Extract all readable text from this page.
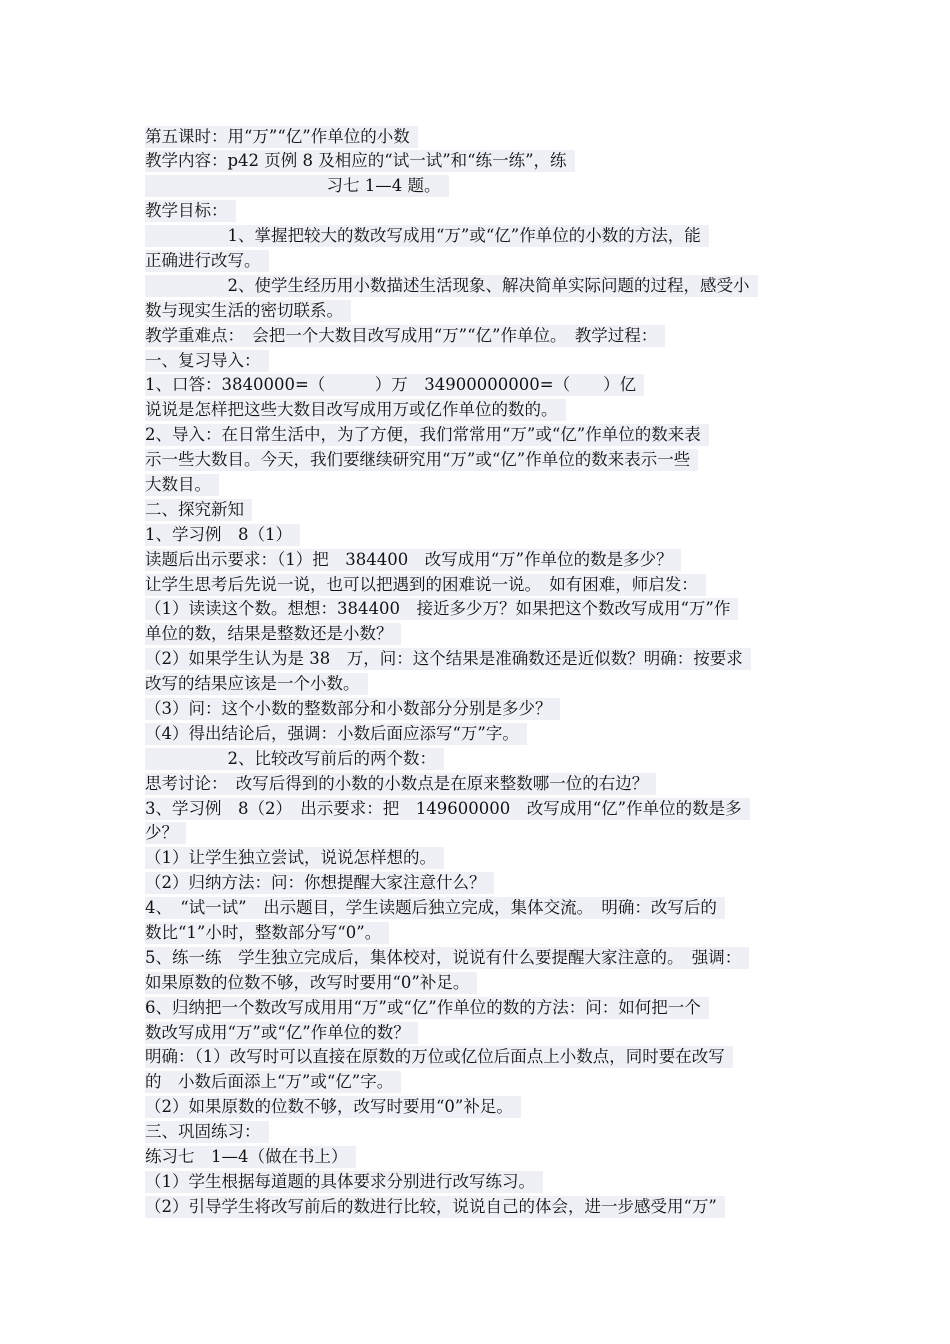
第五课时：用“万”“亿”作单位的小数
教学内容：p42 页例 8 及相应的“试一试”和“练一练”，练
　　　　　　　　　　　习七 1—4 题。
教学目标：
　　　　　1、掌握把较大的数改写成用“万”或“亿”作单位的小数的方法，能
正确进行改写。
　　　　　2、使学生经历用小数描述生活现象、解决简单实际问题的过程，感受小
数与现实生活的密切联系。
教学重难点：　会把一个大数目改写成用“万”“亿”作单位。　教学过程：
一、复习导入：
1、口答：3840000=（　　　）万　34900000000=（　　）亿
说说是怎样把这些大数目改写成用万或亿作单位的数的。
2、导入：在日常生活中，为了方便，我们常常用“万”或“亿”作单位的数来表
示一些大数目。今天，我们要继续研究用“万”或“亿”作单位的数来表示一些
大数目。
二、探究新知
1、学习例　8（1）
读题后出示要求：（1）把　384400　改写成用“万”作单位的数是多少？
让学生思考后先说一说，也可以把遇到的困难说一说。　如有困难，师启发：
（1）读读这个数。想想：384400　接近多少万？如果把这个数改写成用“万”作
单位的数，结果是整数还是小数？
（2）如果学生认为是 38　万，问：这个结果是准确数还是近似数？明确：按要求
改写的结果应该是一个小数。
（3）问：这个小数的整数部分和小数部分分别是多少？
（4）得出结论后，强调：小数后面应添写“万”字。
　　　　　2、比较改写前后的两个数：
思考讨论：　改写后得到的小数的小数点是在原来整数哪一位的右边？
3、学习例　8（2）　出示要求：把　149600000　改写成用“亿”作单位的数是多
少？
（1）让学生独立尝试，说说怎样想的。
（2）归纳方法：问：你想提醒大家注意什么？
4、　“试一试”　出示题目，学生读题后独立完成，集体交流。　明确：改写后的
数比“1”小时，整数部分写“0”。
5、练一练　学生独立完成后，集体校对，说说有什么要提醒大家注意的。　强调：
如果原数的位数不够，改写时要用“0”补足。
6、归纳把一个数改写成用用“万”或“亿”作单位的数的方法：问：如何把一个
数改写成用“万”或“亿”作单位的数？
明确：（1）改写时可以直接在原数的万位或亿位后面点上小数点，同时要在改写
的　小数后面添上“万”或“亿”字。
（2）如果原数的位数不够，改写时要用“0”补足。
三、巩固练习：
练习七　1—4（做在书上）
（1）学生根据每道题的具体要求分别进行改写练习。
（2）引导学生将改写前后的数进行比较，说说自己的体会，进一步感受用“万”
